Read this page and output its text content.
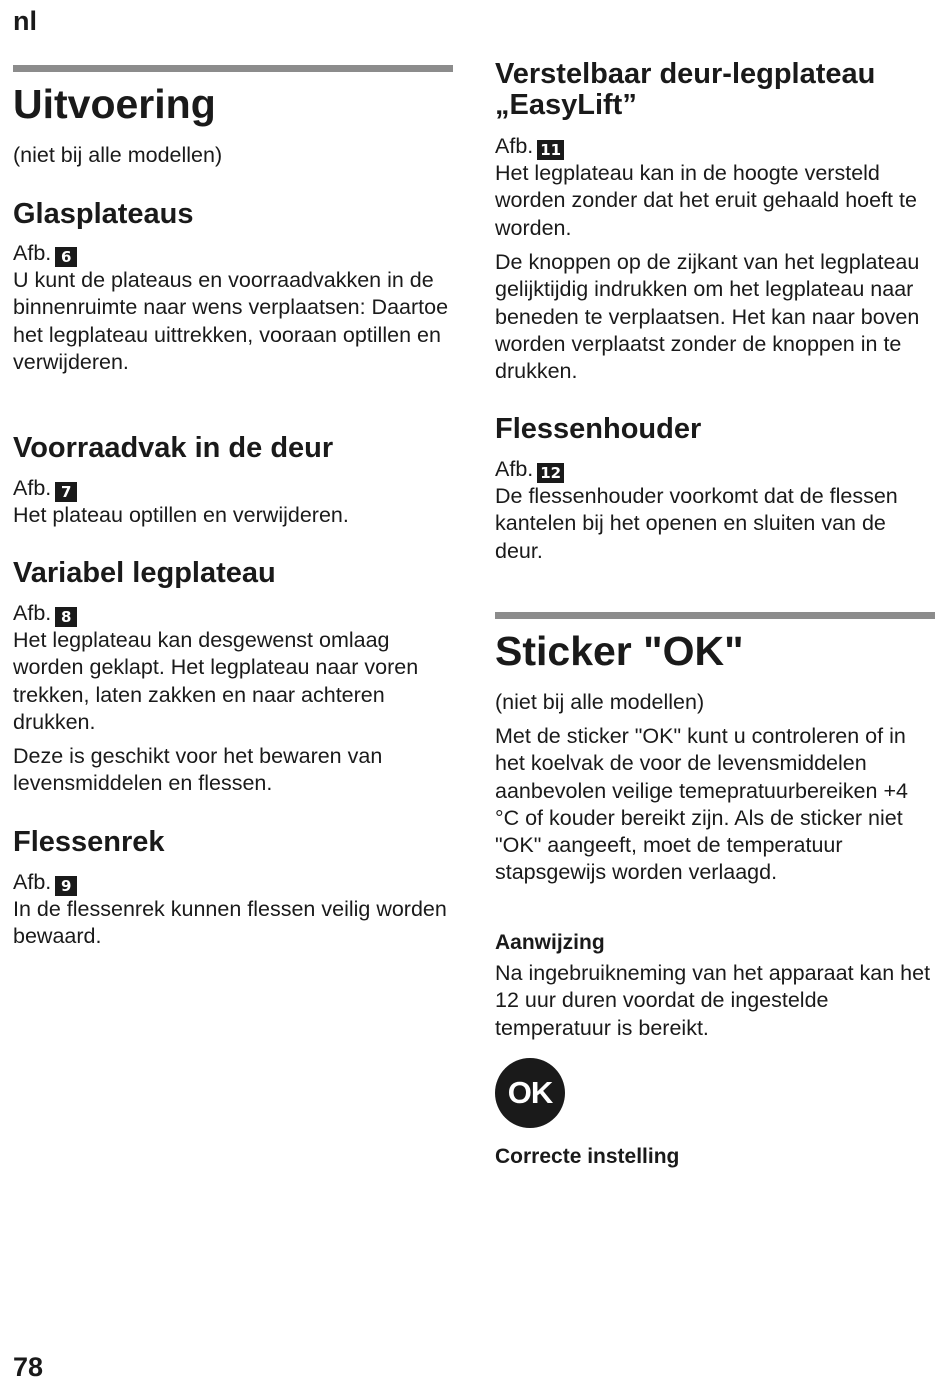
nl
Uitvoering
(niet bij alle modellen)
Glasplateaus
Afb. 6

U kunt de plateaus en voorraadvakken in de binnenruimte naar wens verplaatsen: Daartoe het legplateau uittrekken, vooraan optillen en verwijderen.

Voorraadvak in de deur
Afb. 7

Het plateau optillen en verwijderen.

Variabel legplateau
Afb. 8

Het legplateau kan desgewenst omlaag worden geklapt. Het legplateau naar voren trekken, laten zakken en naar achteren drukken.

Deze is geschikt voor het bewaren van levensmiddelen en flessen.

Flessenrek
Afb. 9

In de flessenrek kunnen flessen veilig worden bewaard.

Verstelbaar deur-legplateau „EasyLift”
Afb. 11

Het legplateau kan in de hoogte versteld worden zonder dat het eruit gehaald hoeft te worden.

De knoppen op de zijkant van het legplateau gelijktijdig indrukken om het legplateau naar beneden te verplaatsen. Het kan naar boven worden verplaatst zonder de knoppen in te drukken.

Flessenhouder
Afb. 12

De flessenhouder voorkomt dat de flessen kantelen bij het openen en sluiten van de deur.

Sticker "OK"
(niet bij alle modellen)

Met de sticker "OK" kunt u controleren of in het koelvak de voor de levensmiddelen aanbevolen veilige temepratuurbereiken +4 °C of kouder bereikt zijn. Als de sticker niet "OK" aangeeft, moet de temperatuur stapsgewijs worden verlaagd.

Aanwijzing

Na ingebruikneming van het apparaat kan het 12 uur duren voordat de ingestelde temperatuur is bereikt.

OK
Correcte instelling
78
